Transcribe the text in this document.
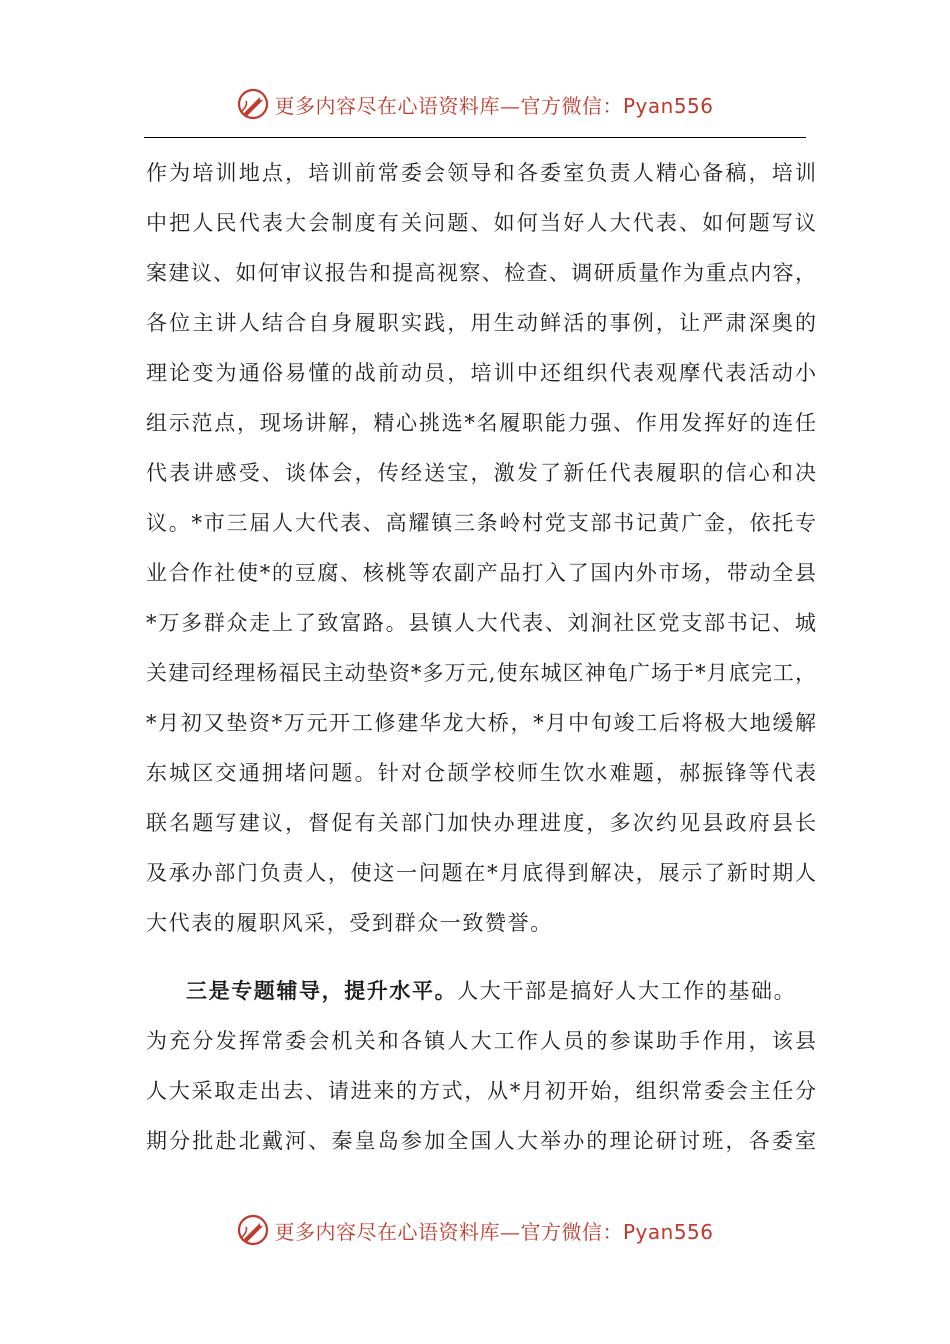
更多内容尽在心语资料库—官方微信：Pyan556
作为培训地点，培训前常委会领导和各委室负责人精心备稿，培训
中把人民代表大会制度有关问题、如何当好人大代表、如何题写议
案建议、如何审议报告和提高视察、检查、调研质量作为重点内容，
各位主讲人结合自身履职实践，用生动鲜活的事例，让严肃深奥的
理论变为通俗易懂的战前动员，培训中还组织代表观摩代表活动小
组示范点，现场讲解，精心挑选*名履职能力强、作用发挥好的连任
代表讲感受、谈体会，传经送宝，激发了新任代表履职的信心和决
议。*市三届人大代表、高耀镇三条岭村党支部书记黄广金，依托专
业合作社使*的豆腐、核桃等农副产品打入了国内外市场，带动全县
*万多群众走上了致富路。县镇人大代表、刘涧社区党支部书记、城
关建司经理杨福民主动垫资*多万元,使东城区神龟广场于*月底完工，
*月初又垫资*万元开工修建华龙大桥，*月中旬竣工后将极大地缓解
东城区交通拥堵问题。针对仓颉学校师生饮水难题，郝振锋等代表
联名题写建议，督促有关部门加快办理进度，多次约见县政府县长
及承办部门负责人，使这一问题在*月底得到解决，展示了新时期人
大代表的履职风采，受到群众一致赞誉。
三是专题辅导，提升水平。人大干部是搞好人大工作的基础。
为充分发挥常委会机关和各镇人大工作人员的参谋助手作用，该县
人大采取走出去、请进来的方式，从*月初开始，组织常委会主任分
期分批赴北戴河、秦皇岛参加全国人大举办的理论研讨班，各委室
更多内容尽在心语资料库—官方微信：Pyan556
